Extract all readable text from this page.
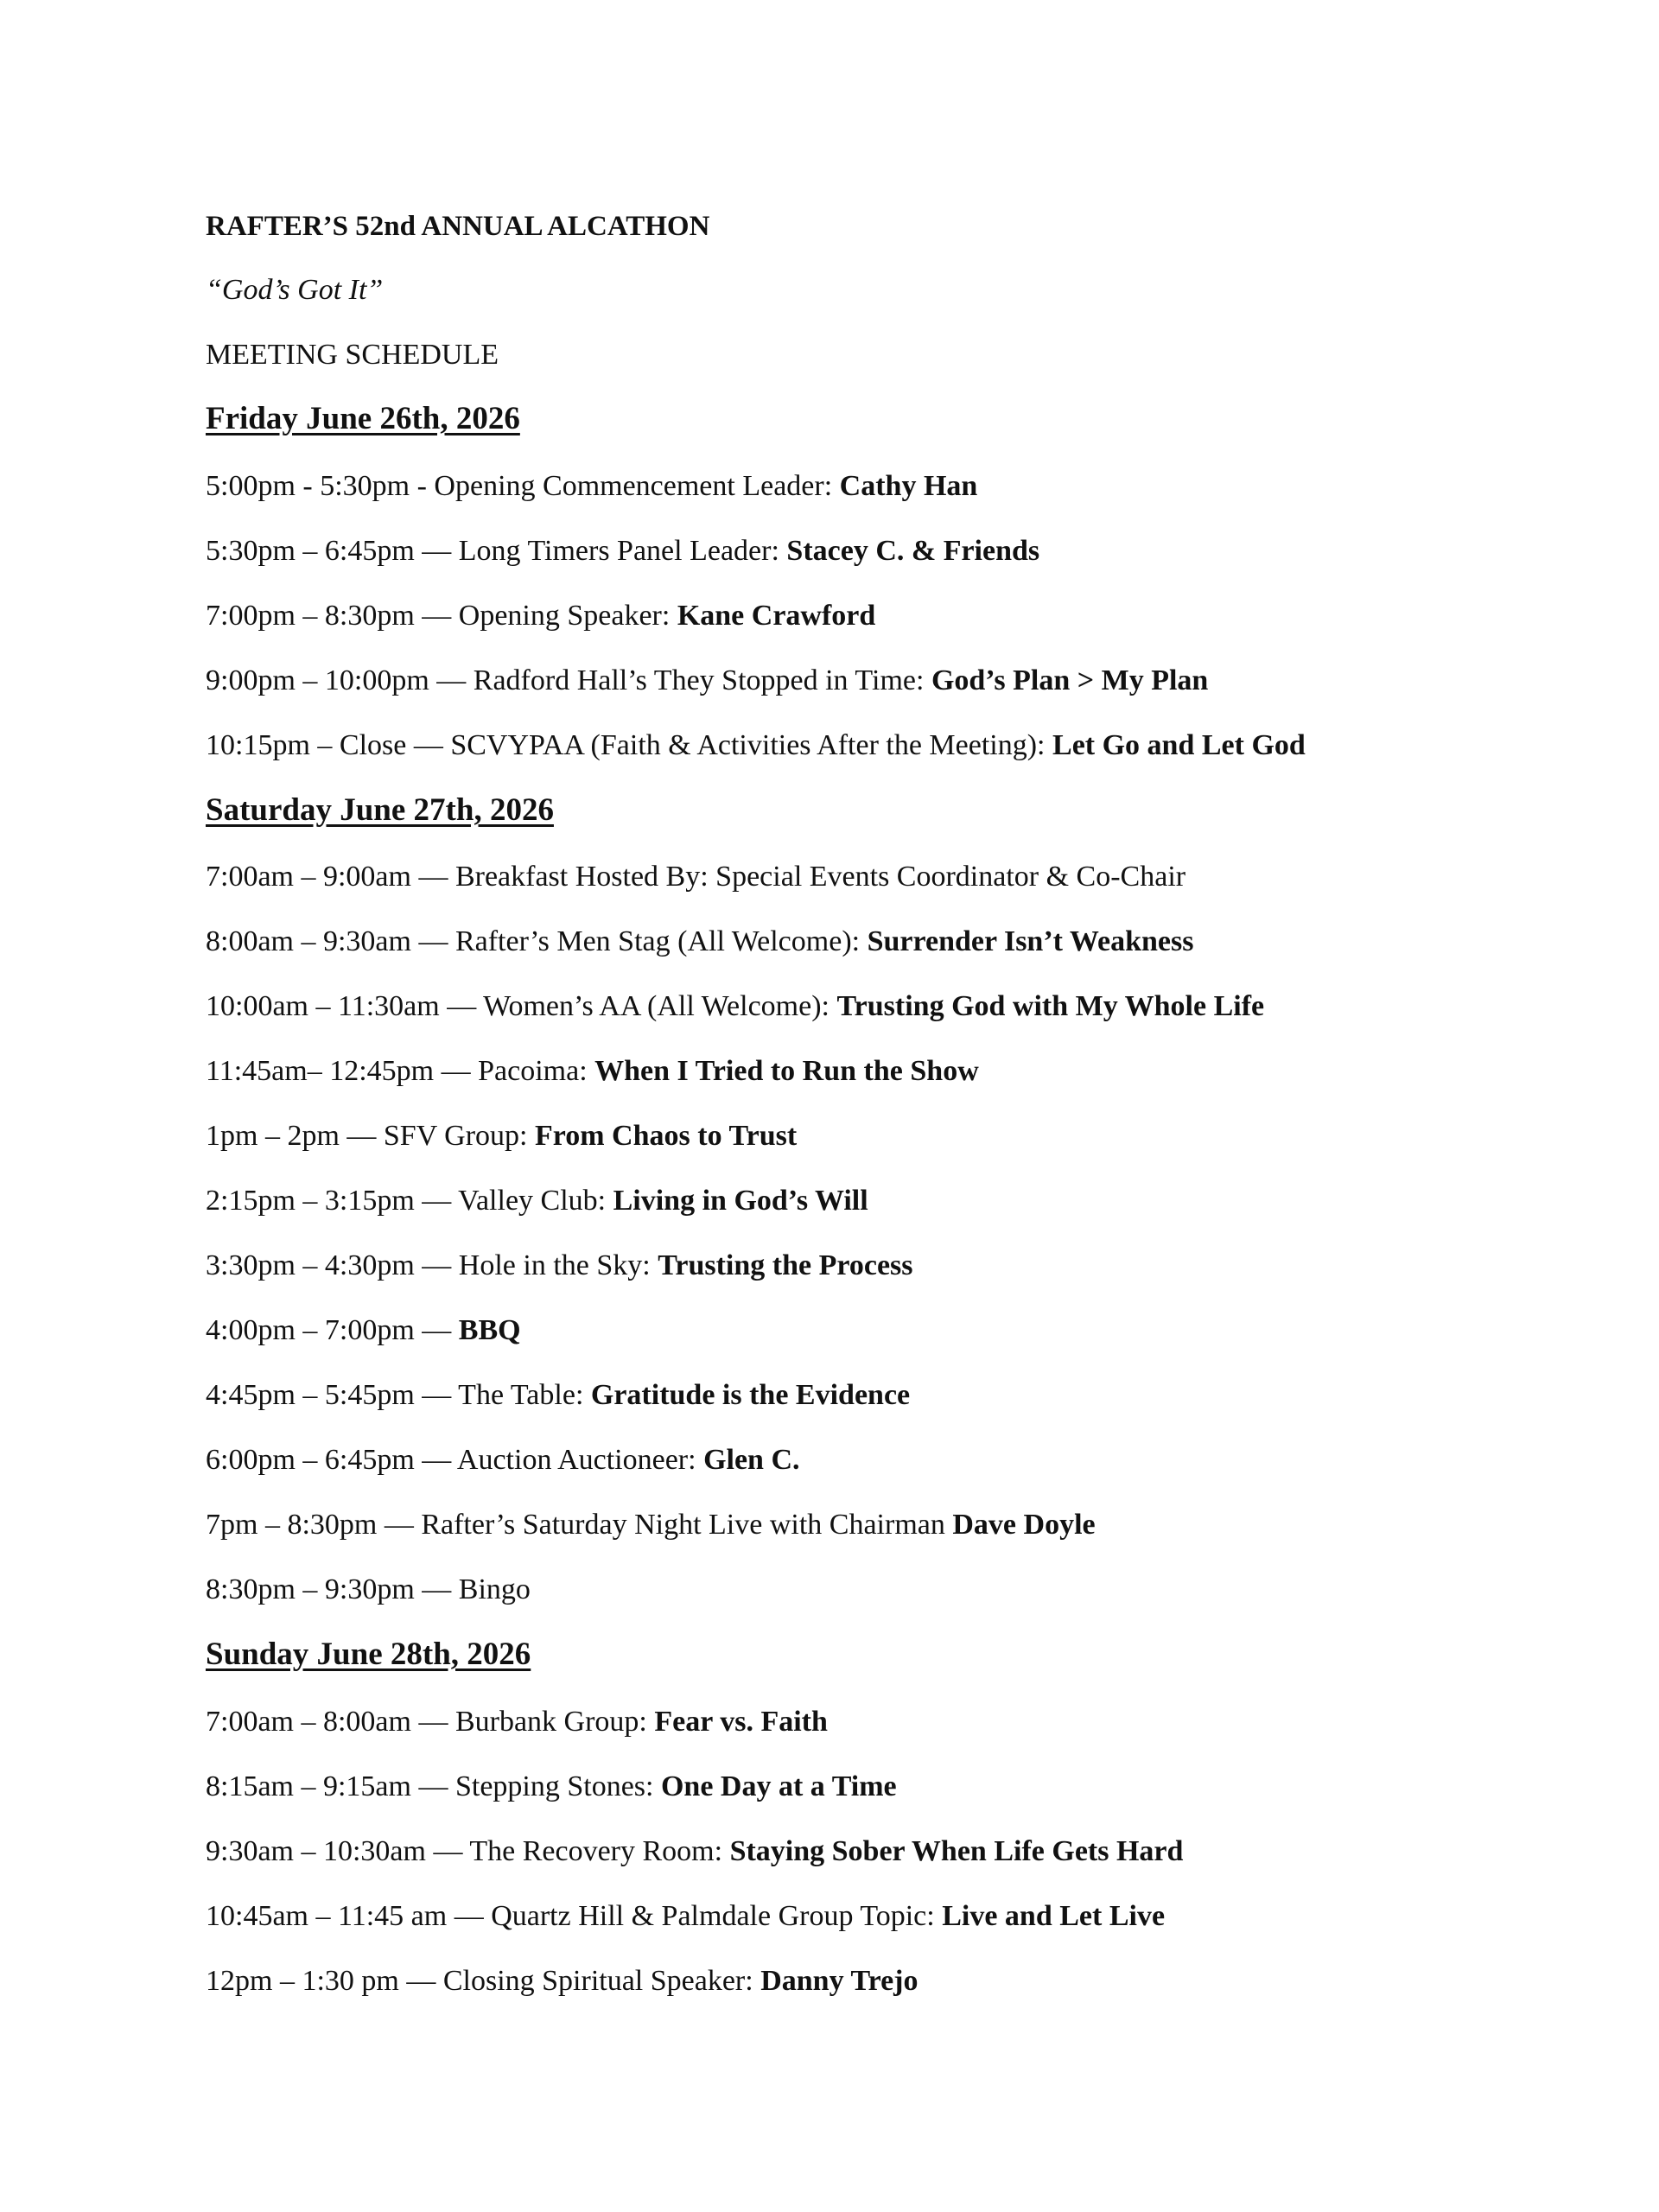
RAFTER’S 52nd ANNUAL ALCATHON
“God’s Got It”
MEETING SCHEDULE
Friday June 26th, 2026
5:00pm - 5:30pm - Opening Commencement Leader: Cathy Han
5:30pm – 6:45pm — Long Timers Panel Leader: Stacey C. & Friends
7:00pm – 8:30pm — Opening Speaker: Kane Crawford
9:00pm – 10:00pm — Radford Hall’s They Stopped in Time: God’s Plan > My Plan
10:15pm – Close — SCVYPAA (Faith & Activities After the Meeting): Let Go and Let God
Saturday June 27th, 2026
7:00am – 9:00am — Breakfast Hosted By: Special Events Coordinator & Co-Chair
8:00am – 9:30am — Rafter’s Men Stag (All Welcome): Surrender Isn’t Weakness
10:00am – 11:30am — Women’s AA (All Welcome): Trusting God with My Whole Life
11:45am– 12:45pm — Pacoima: When I Tried to Run the Show
1pm – 2pm — SFV Group: From Chaos to Trust
2:15pm – 3:15pm — Valley Club: Living in God’s Will
3:30pm – 4:30pm — Hole in the Sky: Trusting the Process
4:00pm – 7:00pm — BBQ
4:45pm – 5:45pm — The Table: Gratitude is the Evidence
6:00pm – 6:45pm — Auction Auctioneer: Glen C.
7pm – 8:30pm — Rafter’s Saturday Night Live with Chairman Dave Doyle
8:30pm – 9:30pm — Bingo
Sunday June 28th, 2026
7:00am – 8:00am — Burbank Group: Fear vs. Faith
8:15am – 9:15am — Stepping Stones: One Day at a Time
9:30am – 10:30am — The Recovery Room: Staying Sober When Life Gets Hard
10:45am – 11:45 am — Quartz Hill & Palmdale Group Topic: Live and Let Live
12pm – 1:30 pm — Closing Spiritual Speaker: Danny Trejo
